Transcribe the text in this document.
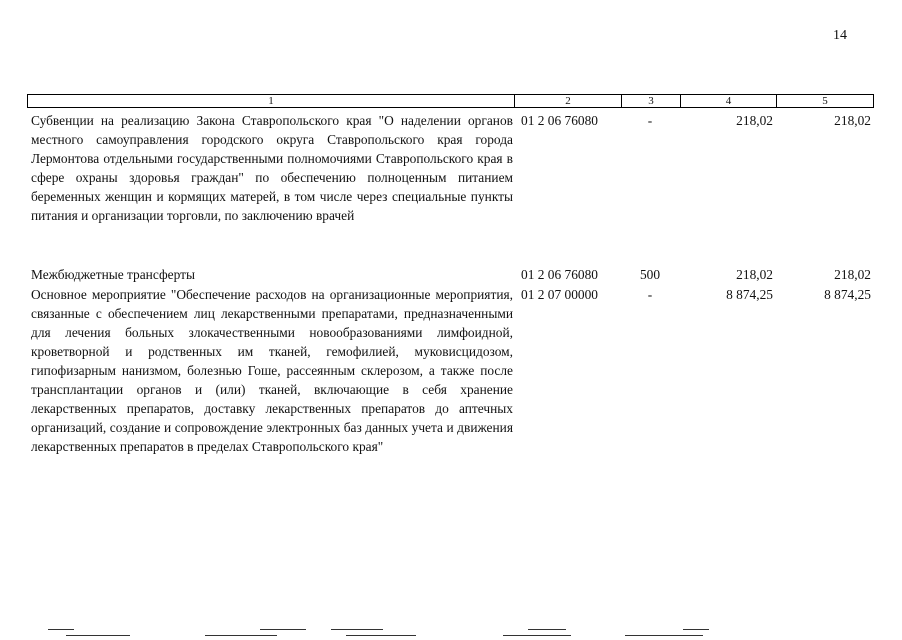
14
1	2	3	4	5
Субвенции на реализацию Закона Ставропольского края "О наделении органов местного самоуправления городского округа Ставропольского края города Лермонтова отдельными государственными полномочиями Ставропольского края в сфере охраны здоровья граждан" по обеспечению полноценным питанием беременных женщин и кормящих матерей, в том числе через специальные пункты питания и организации торговли, по заключению врачей
01 2 06 76080	-	218,02	218,02
Межбюджетные трансферты	01 2 06 76080	500	218,02	218,02
Основное мероприятие "Обеспечение расходов на организационные мероприятия, связанные с обеспечением лиц лекарственными препаратами, предназначенными для лечения больных злокачественными новообразованиями лимфоидной, кроветворной и родственных им тканей, гемофилией, муковисцидозом, гипофизарным нанизмом, болезнью Гоше, рассеянным склерозом, а также после трансплантации органов и (или) тканей, включающие в себя хранение лекарственных препаратов, доставку лекарственных препаратов до аптечных организаций, создание и сопровождение электронных баз данных учета и движения лекарственных препаратов в пределах Ставропольского края"
01 2 07 00000	-	8 874,25	8 874,25
